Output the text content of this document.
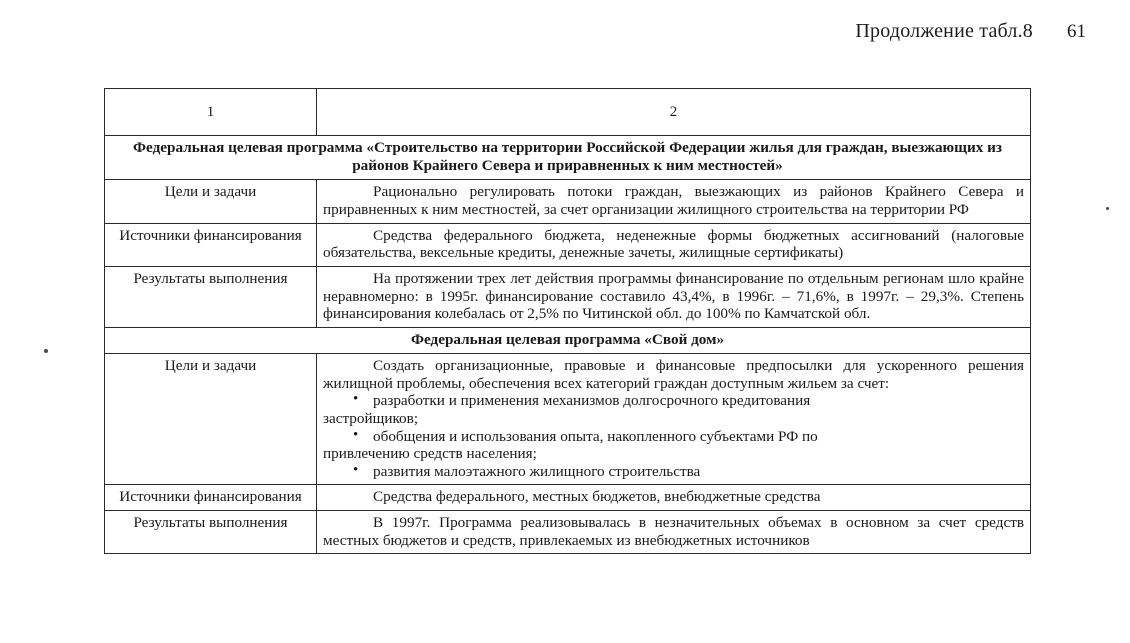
Продолжение табл.8 61
1	2
Федеральная целевая программа «Строительство на территории Российской Федерации жилья для граждан, выезжающих из районов Крайнего Севера и приравненных к ним местностей»	
Цели и задачи	Рационально регулировать потоки граждан, выезжающих из районов Крайнего Севера и приравненных к ним местностей, за счет организации жилищного строительства на территории РФ

Источники финансирования	Средства федерального бюджета, неденежные формы бюджетных ассигнований (налоговые обязательства, вексельные кредиты, денежные зачеты, жилищные сертификаты)

Результаты выполнения	На протяжении трех лет действия программы финансирование по отдельным регионам шло крайне неравномерно: в 1995г. финансирование составило 43,4%, в 1996г. – 71,6%, в 1997г. – 29,3%. Степень финансирования колебалась от 2,5% по Читинской обл. до 100% по Камчатской обл.

Федеральная целевая программа «Свой дом»	
Цели и задачи	Создать организационные, правовые и финансовые предпосылки для ускоренного решения жилищной проблемы, обеспечения всех категорий граждан доступным жильем за счет:

• разработки и применения механизмов долгосрочного кредитования
застройщиков;
• обобщения и использования опыта, накопленного субъектами РФ по
привлечению средств населения;
• развития малоэтажного жилищного строительства

Источники финансирования	Средства федерального, местных бюджетов, внебюджетные средства

Результаты выполнения	В 1997г. Программа реализовывалась в незначительных объемах в основном за счет средств местных бюджетов и средств, привлекаемых из внебюджетных источников
